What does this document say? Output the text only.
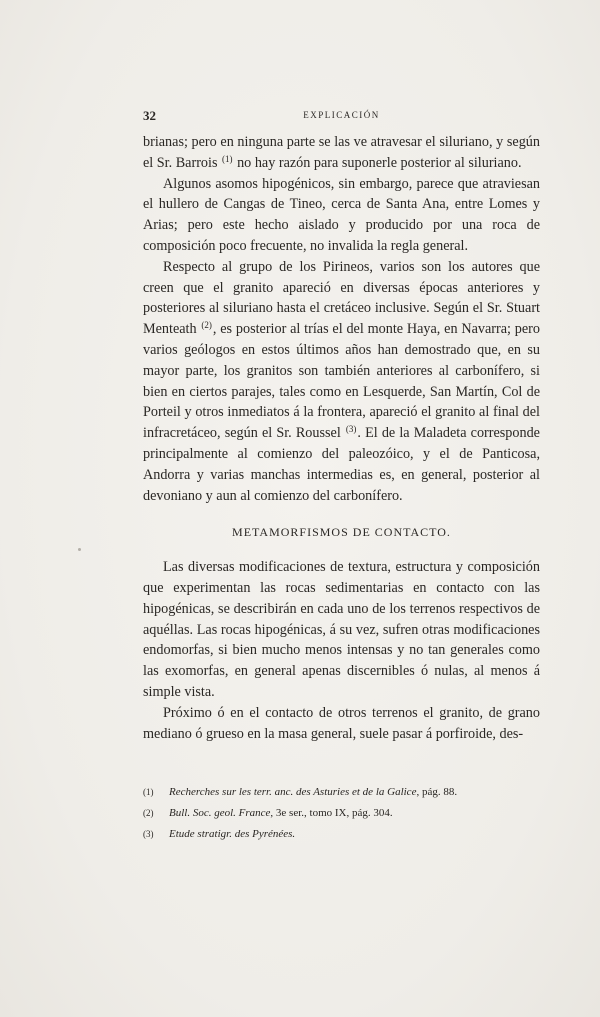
32	EXPLICACIÓN

brianas; pero en ninguna parte se las ve atravesar el siluriano, y según el Sr. Barrois $^{(1)}$ no hay razón para suponerle posterior al siluriano.

Algunos asomos hipogénicos, sin embargo, parece que atraviesan el hullero de Cangas de Tineo, cerca de Santa Ana, entre Lomes y Arias; pero este hecho aislado y producido por una roca de composición poco frecuente, no invalida la regla general.

Respecto al grupo de los Pirineos, varios son los autores que creen que el granito apareció en diversas épocas anteriores y posteriores al siluriano hasta el cretáceo inclusive. Según el Sr. Stuart Menteath $^{(2)}$, es posterior al trías el del monte Haya, en Navarra; pero varios geólogos en estos últimos años han demostrado que, en su mayor parte, los granitos son también anteriores al carbonífero, si bien en ciertos parajes, tales como en Lesquerde, San Martín, Col de Porteil y otros inmediatos á la frontera, apareció el granito al final del infracretáceo, según el Sr. Roussel $^{(3)}$. El de la Maladeta corresponde principalmente al comienzo del paleozóico, y el de Panticosa, Andorra y varias manchas intermedias es, en general, posterior al devoniano y aun al comienzo del carbonífero.

METAMORFISMOS DE CONTACTO.

Las diversas modificaciones de textura, estructura y composición que experimentan las rocas sedimentarias en contacto con las hipogénicas, se describirán en cada uno de los terrenos respectivos de aquéllas. Las rocas hipogénicas, á su vez, sufren otras modificaciones endomorfas, si bien mucho menos intensas y no tan generales como las exomorfas, en general apenas discernibles ó nulas, al menos á simple vista.

Próximo ó en el contacto de otros terrenos el granito, de grano mediano ó grueso en la masa general, suele pasar á porfiroide, des-

(1)	Recherches sur les terr. anc. des Asturies et de la Galice, pág. 88.
(2)	Bull. Soc. geol. France, 3e ser., tomo IX, pág. 304.
(3)	Etude stratigr. des Pyrénées.
